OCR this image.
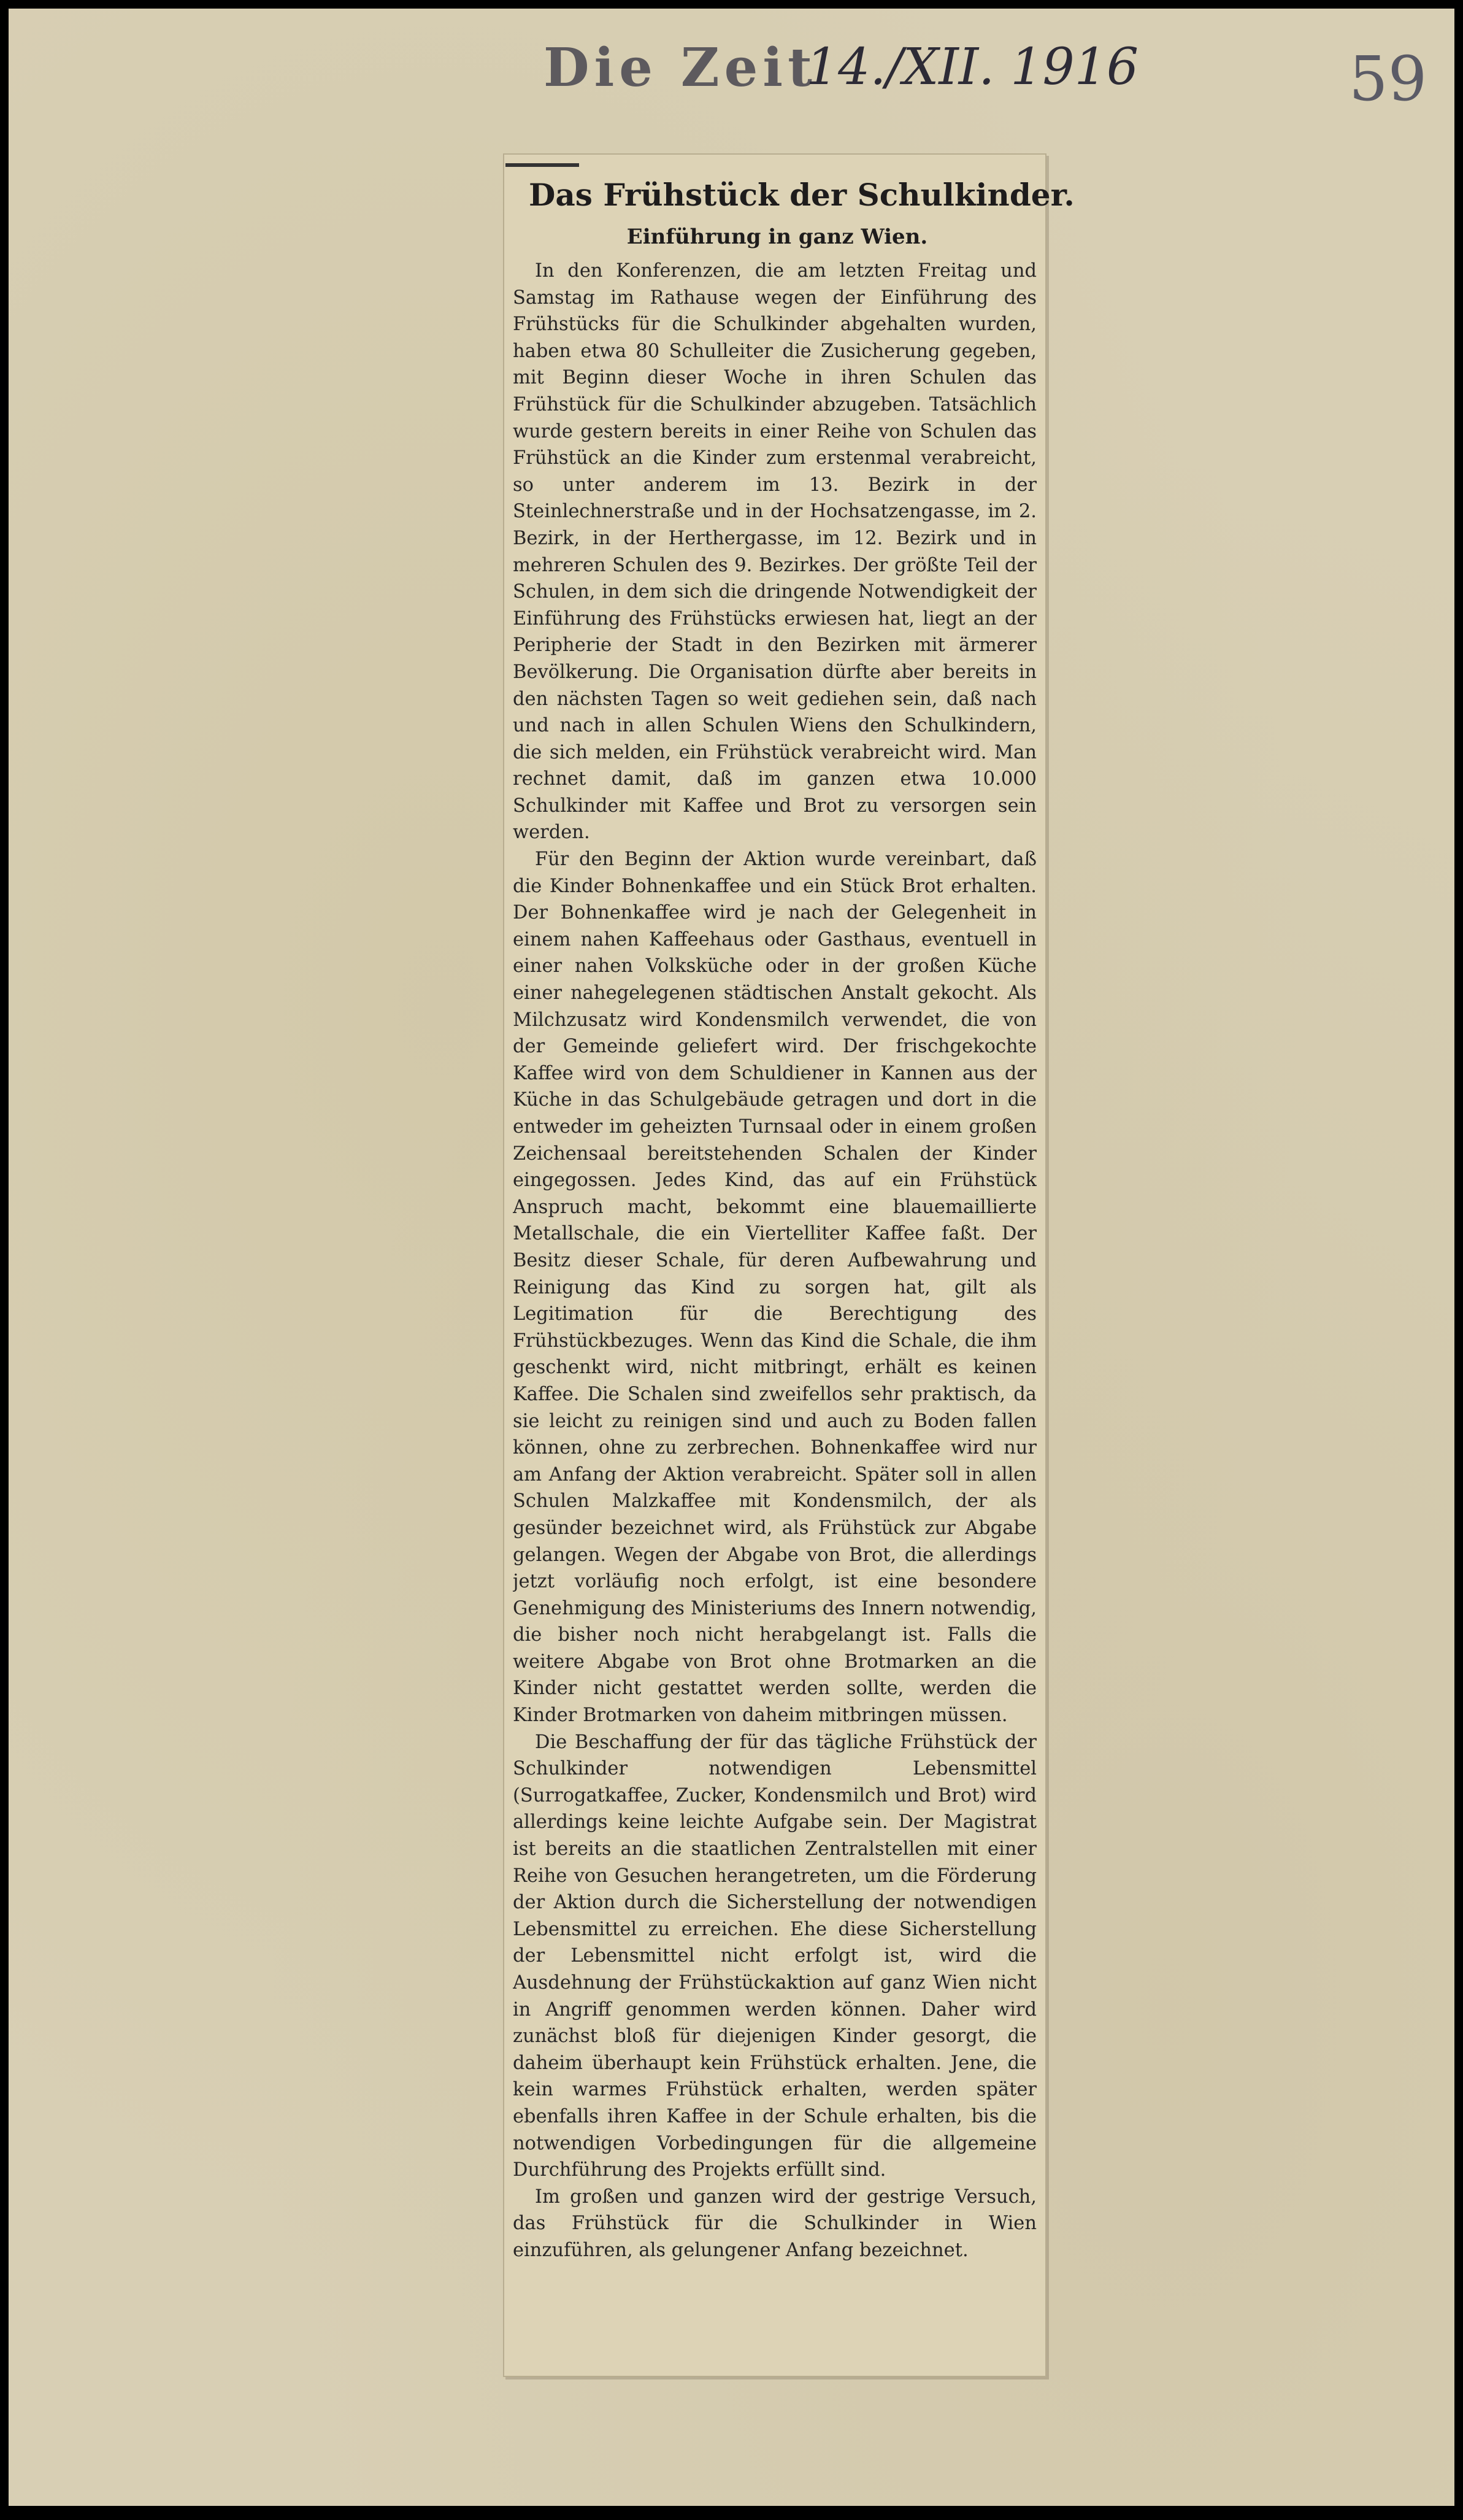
Die Zeit
14./XII. 1916	59
Das Frühstück der Schulkinder.
Einführung in ganz Wien.

In den Konferenzen, die am letzten Freitag und Samstag im Rathause wegen der Einführung des Frühstücks für die Schulkinder abgehalten wurden, haben etwa 80 Schulleiter die Zusicherung gegeben, mit Beginn dieser Woche in ihren Schulen das Frühstück für die Schulkinder abzugeben. Tatsächlich wurde gestern bereits in einer Reihe von Schulen das Frühstück an die Kinder zum erstenmal verabreicht, so unter anderem im 13. Bezirk in der Steinlechnerstraße und in der Hochsatzengasse, im 2. Bezirk, in der Herthergasse, im 12. Bezirk und in mehreren Schulen des 9. Bezirkes. Der größte Teil der Schulen, in dem sich die dringende Notwendigkeit der Einführung des Frühstücks erwiesen hat, liegt an der Peripherie der Stadt in den Bezirken mit ärmerer Bevölkerung. Die Organisation dürfte aber bereits in den nächsten Tagen so weit gediehen sein, daß nach und nach in allen Schulen Wiens den Schulkindern, die sich melden, ein Frühstück verabreicht wird. Man rechnet damit, daß im ganzen etwa 10.000 Schulkinder mit Kaffee und Brot zu versorgen sein werden.

Für den Beginn der Aktion wurde vereinbart, daß die Kinder Bohnenkaffee und ein Stück Brot erhalten. Der Bohnenkaffee wird je nach der Gelegenheit in einem nahen Kaffeehaus oder Gasthaus, eventuell in einer nahen Volksküche oder in der großen Küche einer nahegelegenen städtischen Anstalt gekocht. Als Milchzusatz wird Kondensmilch verwendet, die von der Gemeinde geliefert wird. Der frischgekochte Kaffee wird von dem Schuldiener in Kannen aus der Küche in das Schulgebäude getragen und dort in die entweder im geheizten Turnsaal oder in einem großen Zeichensaal bereitstehenden Schalen der Kinder eingegossen. Jedes Kind, das auf ein Frühstück Anspruch macht, bekommt eine blauemaillierte Metallschale, die ein Viertelliter Kaffee faßt. Der Besitz dieser Schale, für deren Aufbewahrung und Reinigung das Kind zu sorgen hat, gilt als Legitimation für die Berechtigung des Frühstückbezuges. Wenn das Kind die Schale, die ihm geschenkt wird, nicht mitbringt, erhält es keinen Kaffee. Die Schalen sind zweifellos sehr praktisch, da sie leicht zu reinigen sind und auch zu Boden fallen können, ohne zu zerbrechen. Bohnenkaffee wird nur am Anfang der Aktion verabreicht. Später soll in allen Schulen Malzkaffee mit Kondensmilch, der als gesünder bezeichnet wird, als Frühstück zur Abgabe gelangen. Wegen der Abgabe von Brot, die allerdings jetzt vorläufig noch erfolgt, ist eine besondere Genehmigung des Ministeriums des Innern notwendig, die bisher noch nicht herabgelangt ist. Falls die weitere Abgabe von Brot ohne Brotmarken an die Kinder nicht gestattet werden sollte, werden die Kinder Brotmarken von daheim mitbringen müssen.

Die Beschaffung der für das tägliche Frühstück der Schulkinder notwendigen Lebensmittel (Surrogatkaffee, Zucker, Kondensmilch und Brot) wird allerdings keine leichte Aufgabe sein. Der Magistrat ist bereits an die staatlichen Zentralstellen mit einer Reihe von Gesuchen herangetreten, um die Förderung der Aktion durch die Sicherstellung der notwendigen Lebensmittel zu erreichen. Ehe diese Sicherstellung der Lebensmittel nicht erfolgt ist, wird die Ausdehnung der Frühstückaktion auf ganz Wien nicht in Angriff genommen werden können. Daher wird zunächst bloß für diejenigen Kinder gesorgt, die daheim überhaupt kein Frühstück erhalten. Jene, die kein warmes Frühstück erhalten, werden später ebenfalls ihren Kaffee in der Schule erhalten, bis die notwendigen Vorbedingungen für die allgemeine Durchführung des Projekts erfüllt sind.

Im großen und ganzen wird der gestrige Versuch, das Frühstück für die Schulkinder in Wien einzuführen, als gelungener Anfang bezeichnet.
